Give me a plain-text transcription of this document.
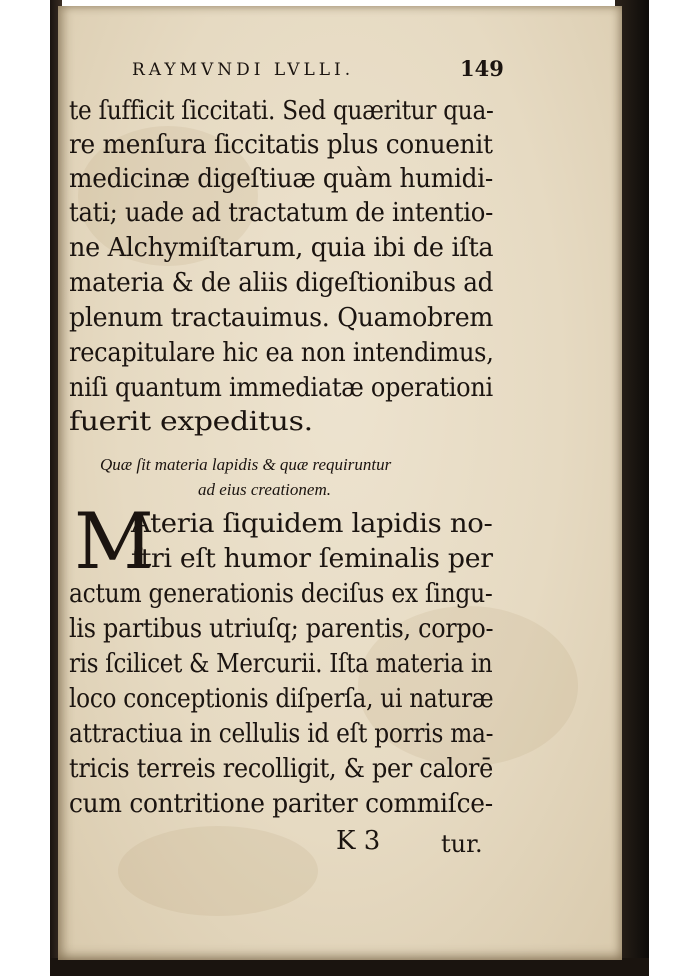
RAYMVNDI LVLLI.	149
te ſufficit ſiccitati. Sed quæritur qua-
re menſura ſiccitatis plus conuenit
medicinæ digeſtiuæ quàm humidi-
tati; uade ad tractatum de intentio-
ne Alchymiſtarum, quia ibi de iſta
materia & de aliis digeſtionibus ad
plenum tractauimus. Quamobrem
recapitulare hic ea non intendimus,
niſi quantum immediatæ operationi
fuerit expeditus.
Quæ ſit materia lapidis & quæ requiruntur
ad eius creationem.
M
Ateria ſiquidem lapidis no-
ſtri eſt humor ſeminalis per
actum generationis deciſus ex ſingu-
lis partibus utriuſq; parentis, corpo-
ris ſcilicet & Mercurii. Iſta materia in
loco conceptionis diſperſa, ui naturæ
attractiua in cellulis id eſt porris ma-
tricis terreis recolligit, & per calorē
cum contritione pariter commiſce-
K 3	tur.
